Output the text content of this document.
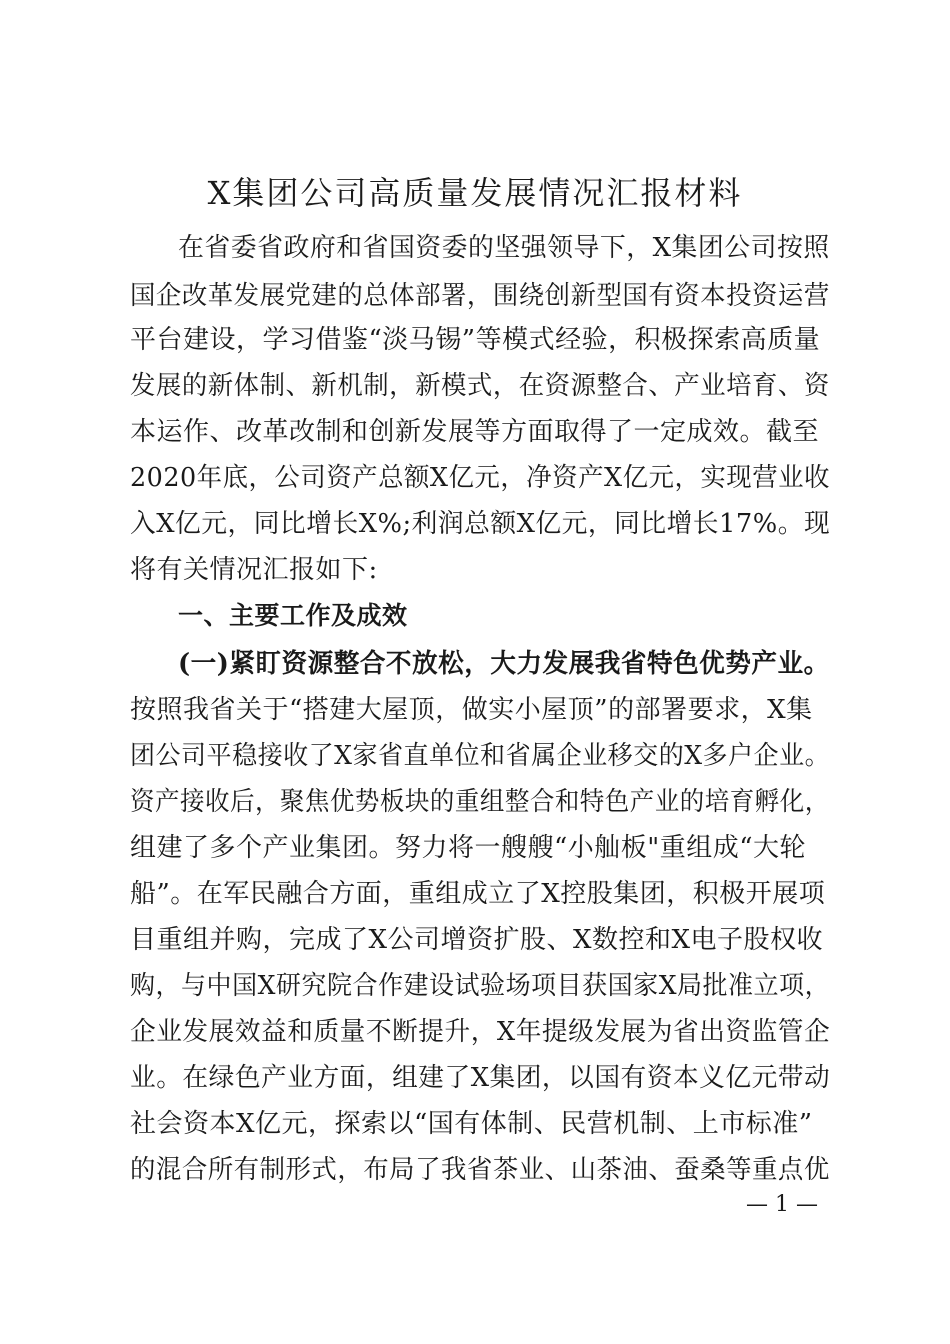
X集团公司高质量发展情况汇报材料
在省委省政府和省国资委的坚强领导下，X集团公司按照
国企改革发展党建的总体部署，围绕创新型国有资本投资运营
平台建设，学习借鉴“淡马锡”等模式经验，积极探索高质量
发展的新体制、新机制，新模式，在资源整合、产业培育、资
本运作、改革改制和创新发展等方面取得了一定成效。截至
2020年底，公司资产总额X亿元，净资产X亿元，实现营业收
入X亿元，同比增长X%;利润总额X亿元，同比增长17%。现
将有关情况汇报如下:
一、主要工作及成效
(一)紧盯资源整合不放松，大力发展我省特色优势产业。
按照我省关于“搭建大屋顶，做实小屋顶”的部署要求，X集
团公司平稳接收了X家省直单位和省属企业移交的X多户企业。
资产接收后，聚焦优势板块的重组整合和特色产业的培育孵化，
组建了多个产业集团。努力将一艘艘“小舢板"重组成“大轮
船”。在军民融合方面，重组成立了X控股集团，积极开展项
目重组并购，完成了X公司增资扩股、X数控和X电子股权收
购，与中国X研究院合作建设试验场项目获国家X局批准立项，
企业发展效益和质量不断提升，X年提级发展为省出资监管企
业。在绿色产业方面，组建了X集团，以国有资本义亿元带动
社会资本X亿元，探索以“国有体制、民营机制、上市标准”
的混合所有制形式，布局了我省茶业、山茶油、蚕桑等重点优
— 1 —
